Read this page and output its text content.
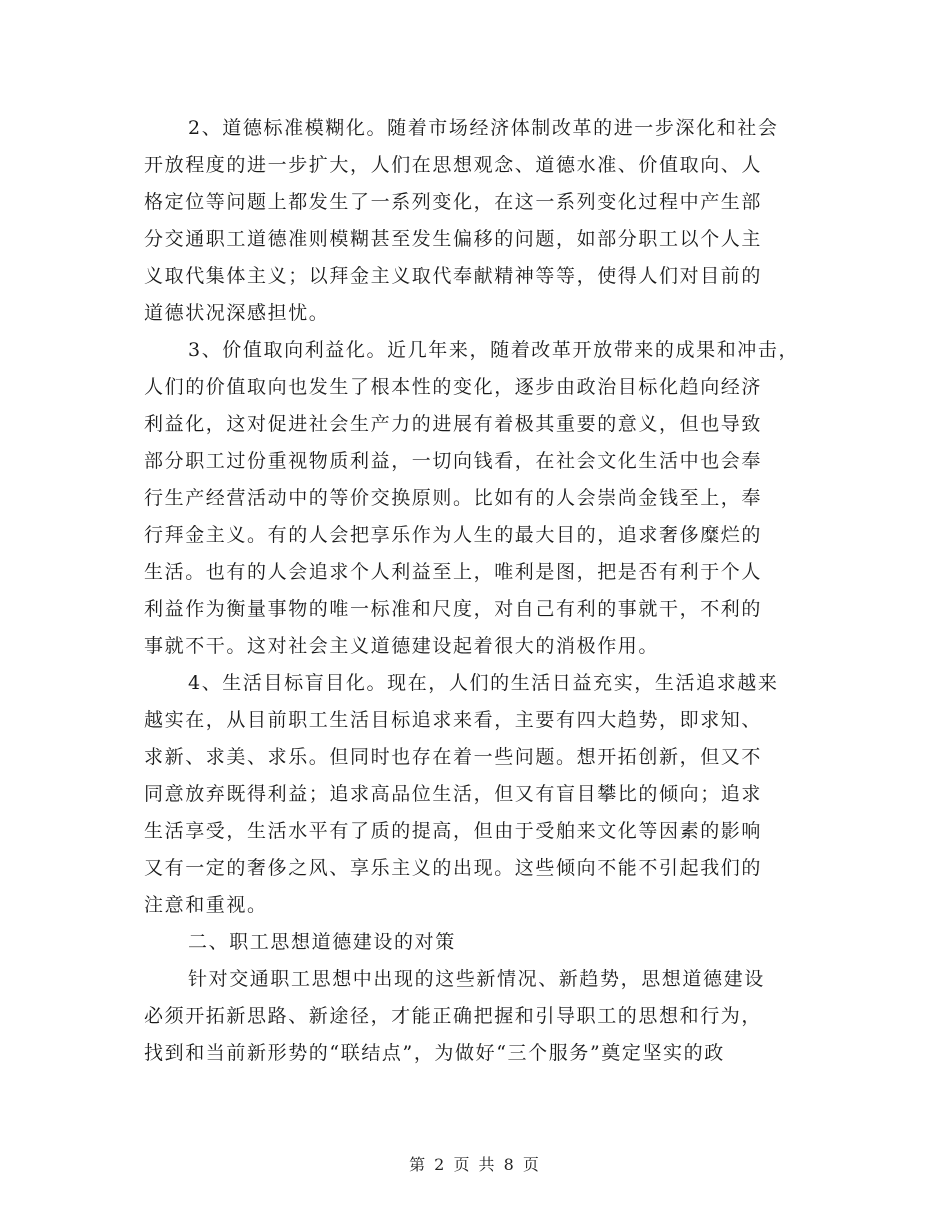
2、道德标准模糊化。随着市场经济体制改革的进一步深化和社会
开放程度的进一步扩大，人们在思想观念、道德水准、价值取向、人
格定位等问题上都发生了一系列变化，在这一系列变化过程中产生部
分交通职工道德准则模糊甚至发生偏移的问题，如部分职工以个人主
义取代集体主义；以拜金主义取代奉献精神等等，使得人们对目前的
道德状况深感担忧。
3、价值取向利益化。近几年来，随着改革开放带来的成果和冲击，
人们的价值取向也发生了根本性的变化，逐步由政治目标化趋向经济
利益化，这对促进社会生产力的进展有着极其重要的意义，但也导致
部分职工过份重视物质利益，一切向钱看，在社会文化生活中也会奉
行生产经营活动中的等价交换原则。比如有的人会崇尚金钱至上，奉
行拜金主义。有的人会把享乐作为人生的最大目的，追求奢侈糜烂的
生活。也有的人会追求个人利益至上，唯利是图，把是否有利于个人
利益作为衡量事物的唯一标准和尺度，对自己有利的事就干，不利的
事就不干。这对社会主义道德建设起着很大的消极作用。
4、生活目标盲目化。现在，人们的生活日益充实，生活追求越来
越实在，从目前职工生活目标追求来看，主要有四大趋势，即求知、
求新、求美、求乐。但同时也存在着一些问题。想开拓创新，但又不
同意放弃既得利益；追求高品位生活，但又有盲目攀比的倾向；追求
生活享受，生活水平有了质的提高，但由于受舶来文化等因素的影响
又有一定的奢侈之风、享乐主义的出现。这些倾向不能不引起我们的
注意和重视。
二、职工思想道德建设的对策
针对交通职工思想中出现的这些新情况、新趋势，思想道德建设
必须开拓新思路、新途径，才能正确把握和引导职工的思想和行为，
找到和当前新形势的“联结点”，为做好“三个服务”奠定坚实的政
第 2 页 共 8 页
